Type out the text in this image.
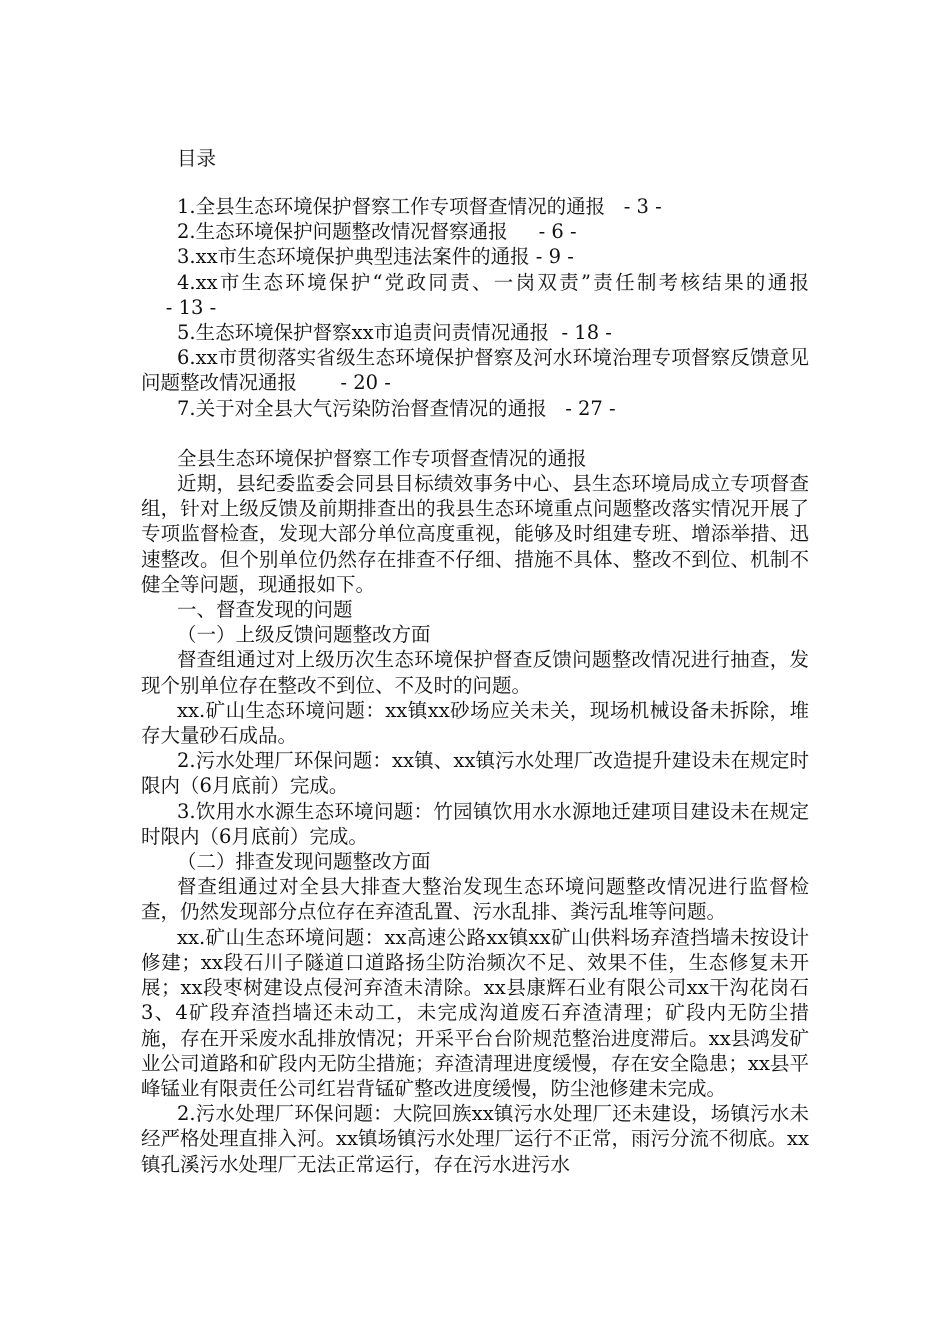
目录
1.全县生态环境保护督察工作专项督查情况的通报   - 3 -
2.生态环境保护问题整改情况督察通报     - 6 -
3.xx市生态环境保护典型违法案件的通报 - 9 -
4.xx市生态环境保护“党政同责、一岗双责”责任制考核结果的通报    - 13 -
5.生态环境保护督察xx市追责问责情况通报  - 18 -
6.xx市贯彻落实省级生态环境保护督察及河水环境治理专项督察反馈意见问题整改情况通报       - 20 -
7.关于对全县大气污染防治督查情况的通报   - 27 -
全县生态环境保护督察工作专项督查情况的通报

近期，县纪委监委会同县目标绩效事务中心、县生态环境局成立专项督查组，针对上级反馈及前期排查出的我县生态环境重点问题整改落实情况开展了专项监督检查，发现大部分单位高度重视，能够及时组建专班、增添举措、迅速整改。但个别单位仍然存在排查不仔细、措施不具体、整改不到位、机制不健全等问题，现通报如下。

一、督查发现的问题
（一）上级反馈问题整改方面

督查组通过对上级历次生态环境保护督查反馈问题整改情况进行抽查，发现个别单位存在整改不到位、不及时的问题。

xx.矿山生态环境问题：xx镇xx砂场应关未关，现场机械设备未拆除，堆存大量砂石成品。

2.污水处理厂环保问题：xx镇、xx镇污水处理厂改造提升建设未在规定时限内（6月底前）完成。

3.饮用水水源生态环境问题：竹园镇饮用水水源地迁建项目建设未在规定时限内（6月底前）完成。

（二）排查发现问题整改方面

督查组通过对全县大排查大整治发现生态环境问题整改情况进行监督检查，仍然发现部分点位存在弃渣乱置、污水乱排、粪污乱堆等问题。

xx.矿山生态环境问题：xx高速公路xx镇xx矿山供料场弃渣挡墙未按设计修建；xx段石川子隧道口道路扬尘防治频次不足、效果不佳，生态修复未开展；xx段枣树建设点侵河弃渣未清除。xx县康辉石业有限公司xx干沟花岗石3、4矿段弃渣挡墙还未动工，未完成沟道废石弃渣清理；矿段内无防尘措施，存在开采废水乱排放情况；开采平台台阶规范整治进度滞后。xx县鸿发矿业公司道路和矿段内无防尘措施；弃渣清理进度缓慢，存在安全隐患；xx县平峰锰业有限责任公司红岩背锰矿整改进度缓慢，防尘池修建未完成。

2.污水处理厂环保问题：大院回族xx镇污水处理厂还未建设，场镇污水未经严格处理直排入河。xx镇场镇污水处理厂运行不正常，雨污分流不彻底。xx镇孔溪污水处理厂无法正常运行，存在污水进污水
